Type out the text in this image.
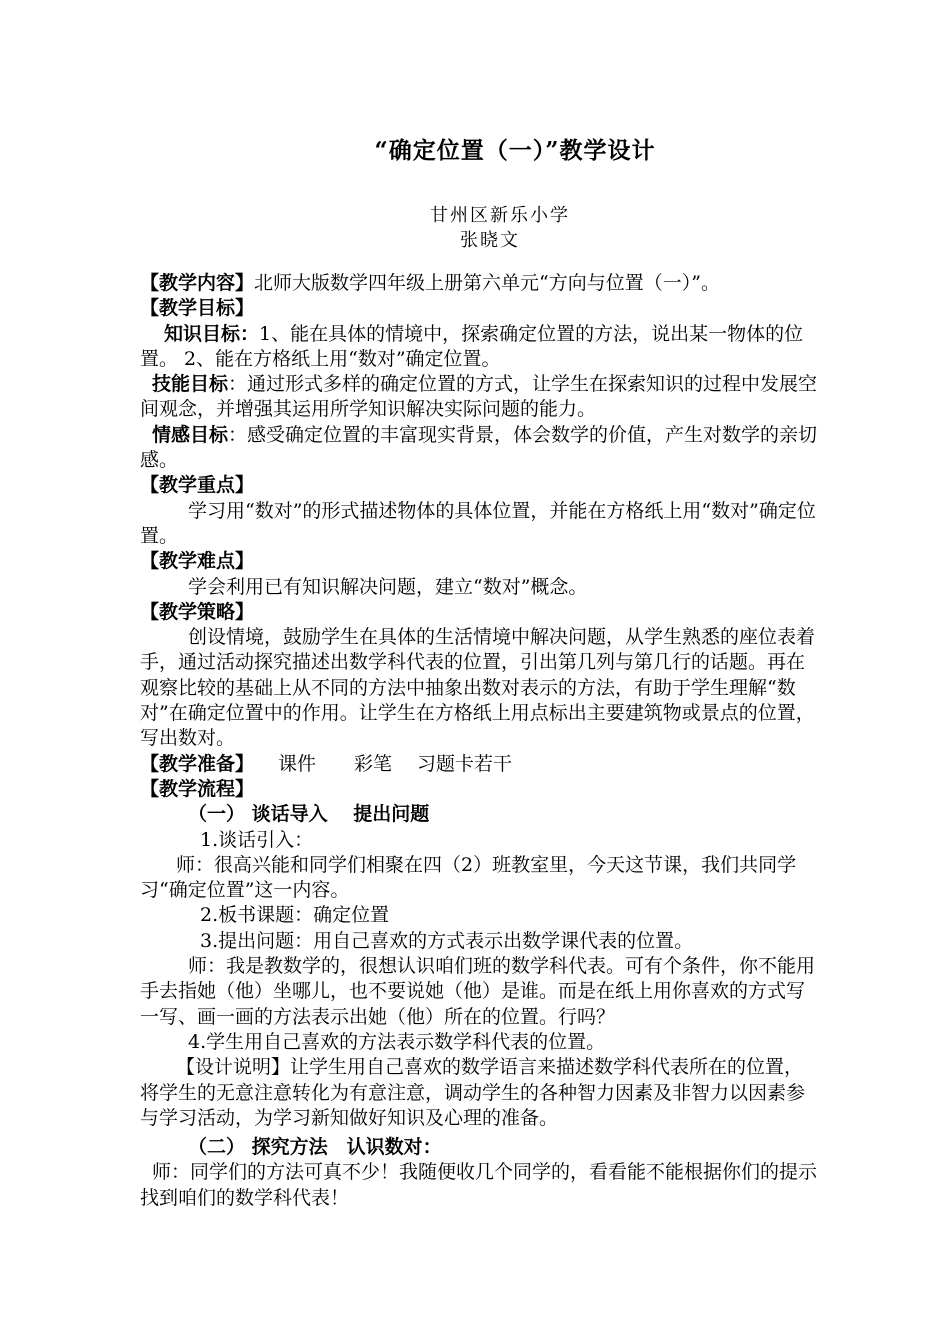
“确定位置（一）”教学设计
甘州区新乐小学
张晓文

【教学内容】北师大版数学四年级上册第六单元“方向与位置（一）”。

【教学目标】

知识目标：1、能在具体的情境中，探索确定位置的方法，说出某一物体的位置。 2、能在方格纸上用“数对”确定位置。

技能目标：通过形式多样的确定位置的方式，让学生在探索知识的过程中发展空间观念，并增强其运用所学知识解决实际问题的能力。

情感目标：感受确定位置的丰富现实背景，体会数学的价值，产生对数学的亲切感。

【教学重点】

学习用“数对”的形式描述物体的具体位置，并能在方格纸上用“数对”确定位置。

【教学难点】

学会利用已有知识解决问题，建立“数对”概念。

【教学策略】

创设情境，鼓励学生在具体的生活情境中解决问题，从学生熟悉的座位表着手，通过活动探究描述出数学科代表的位置，引出第几列与第几行的话题。再在观察比较的基础上从不同的方法中抽象出数对表示的方法，有助于学生理解“数对”在确定位置中的作用。让学生在方格纸上用点标出主要建筑物或景点的位置，写出数对。

【教学准备】 课件　　彩笔　 习题卡若干

【教学流程】

（一） 谈话导入　 提出问题

1.谈话引入：

师：很高兴能和同学们相聚在四（2）班教室里，今天这节课，我们共同学习“确定位置”这一内容。

2.板书课题：确定位置

3.提出问题：用自己喜欢的方式表示出数学课代表的位置。

师：我是教数学的，很想认识咱们班的数学科代表。可有个条件，你不能用手去指她（他）坐哪儿，也不要说她（他）是谁。而是在纸上用你喜欢的方式写一写、画一画的方法表示出她（他）所在的位置。行吗？

4.学生用自己喜欢的方法表示数学科代表的位置。

【设计说明】让学生用自己喜欢的数学语言来描述数学科代表所在的位置，将学生的无意注意转化为有意注意，调动学生的各种智力因素及非智力以因素参与学习活动，为学习新知做好知识及心理的准备。

（二） 探究方法　认识数对：

师：同学们的方法可真不少！我随便收几个同学的，看看能不能根据你们的提示找到咱们的数学科代表！
